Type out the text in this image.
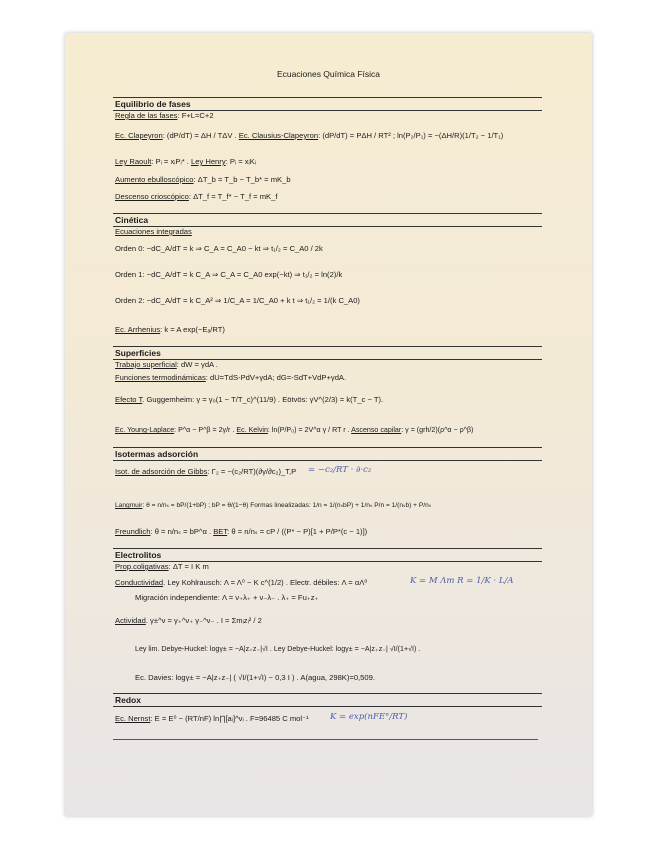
Ecuaciones Química Física
Equilibrio de fases
Regla de las fases: F+L=C+2
Ec. Clapeyron: (dP/dT) = ΔH / TΔV . Ec. Clausius-Clapeyron: (dP/dT) = PΔH / RT² ; ln(P₂/P₁) = −(ΔH/R)(1/T₂ − 1/T₁)
Ley Raoult: Pᵢ = xᵢPᵢ* . Ley Henry: Pᵢ = xᵢKᵢ
Aumento ebulloscópico: ΔT_b = T_b − T_b* = mK_b
Descenso crioscópico: ΔT_f = T_f* − T_f = mK_f
Cinética
Ecuaciones integradas
Orden 0: −dC_A/dT = k ⇒ C_A = C_A0 − kt ⇒ t₁/₂ = C_A0 / 2k
Orden 1: −dC_A/dT = k C_A ⇒ C_A = C_A0 exp(−kt) ⇒ t₁/₂ = ln(2)/k
Orden 2: −dC_A/dT = k C_A² ⇒ 1/C_A = 1/C_A0 + k t ⇒ t₁/₂ = 1/(k C_A0)
Ec. Arrhenius: k = A exp(−Eₐ/RT)
Superficies
Trabajo superficial: dW = γdA .
Funciones termodinámicas: dU=TdS-PdV+γdA; dG=-SdT+VdP+γdA.
Efecto T. Guggemheim: γ = γ₀(1 − T/T_c)^(11/9) . Eötvös: γV^(2/3) = k(T_c − T).
Ec. Young-Laplace: P^α − P^β = 2γ/r . Ec. Kelvin: ln(P/P₀) = 2V^α γ / RT r . Ascenso capilar: γ = (grh/2)(ρ^α − ρ^β)
Isotermas adsorción
Isot. de adsorción de Gibbs: Γ₂ = −(c₂/RT)(∂γ/∂c₂)_T,P = −c₂/RT · ∂·c₂
Langmuir: θ = n/nₛ = bP/(1+bP) ; bP = θ/(1−θ) Formas linealizadas: 1/n = 1/(nₛbP) + 1/nₛ P/n = 1/(nₛb) + P/nₛ
Freundlich: θ = n/nₛ = bP^α . BET: θ = n/nₛ = cP / ((P* − P)[1 + P/P*(c − 1)])
Electrolitos
Prop.coligativas: ΔT = I K m
Conductividad. Ley Kohlrausch: Λ = Λ⁰ − K c^(1/2) . Electr. débiles: Λ = αΛ⁰	K = M Λm R = 1/K · L/A
Migración independiente: Λ = ν₊λ₊ + ν₋λ₋ . λ₊ = Fu₊z₊
Actividad. γ±^ν = γ₊^ν₊ γ₋^ν₋ . I = Σmᵢzᵢ² / 2
Ley lim. Debye-Huckel: logγ± = −A|z₊z₋|√I . Ley Debye-Huckel: logγ± = −A|z₊z₋| √I/(1+√I) .
Ec. Davies: logγ± = −A|z₊z₋| ( √I/(1+√I) − 0,3 I ) . A(agua, 298K)=0,509.
Redox
Ec. Nernst: E = E⁰ − (RT/nF) ln∏[aᵢ]^νᵢ . F=96485 C mol⁻¹	K = exp(nFE°/RT)
